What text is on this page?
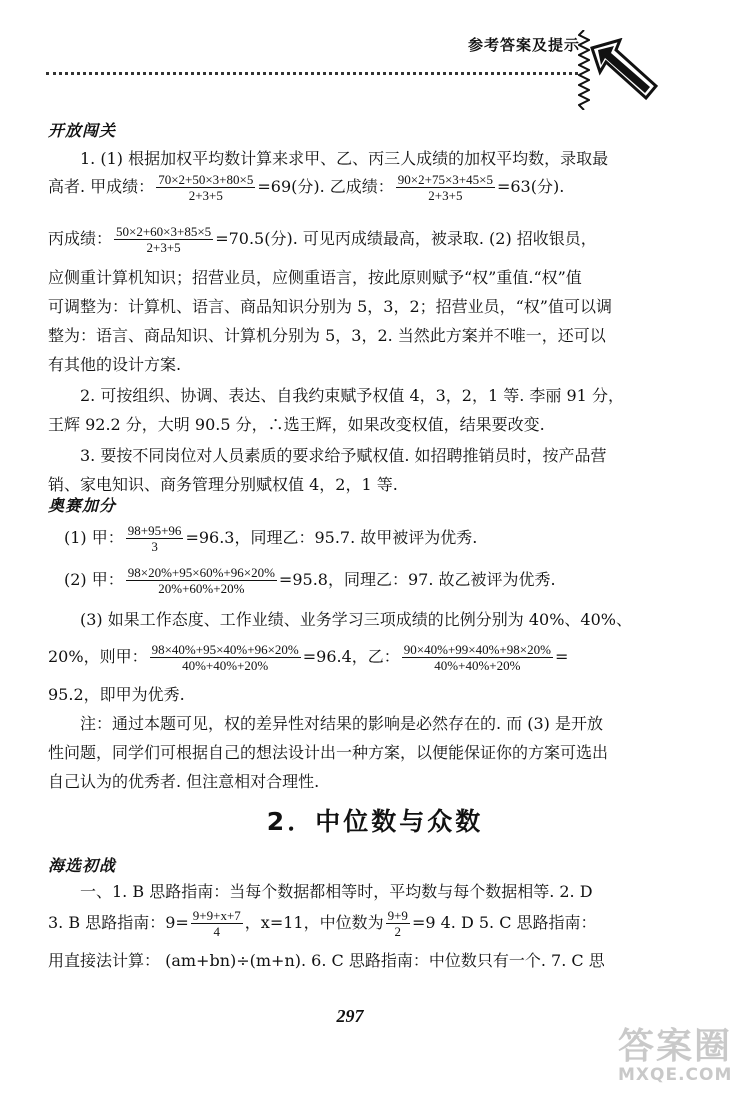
参考答案及提示
开放闯关
1. (1) 根据加权平均数计算来求甲、乙、丙三人成绩的加权平均数，录取最
高者. 甲成绩： $\frac{70\times 2+50\times 3+80\times 5}{2+3+5} =69$(分). 乙成绩： $\frac{90\times 2+75\times 3+45\times 5}{2+3+5} =63$(分).
丙成绩： $\frac{50\times 2+60\times 3+85\times 5}{2+3+5} =70.5$(分). 可见丙成绩最高，被录取. (2) 招收银员，
应侧重计算机知识；招营业员，应侧重语言，按此原则赋予“权”重值.“权”值
可调整为：计算机、语言、商品知识分别为 5，3，2；招营业员，“权”值可以调
整为：语言、商品知识、计算机分别为 5，3，2. 当然此方案并不唯一，还可以
有其他的设计方案.
2. 可按组织、协调、表达、自我约束赋予权值 4，3，2，1 等. 李丽 91 分，
王辉 92.2 分，大明 90.5 分，∴选王辉，如果改变权值，结果要改变.
3. 要按不同岗位对人员素质的要求给予赋权值. 如招聘推销员时，按产品营
销、家电知识、商务管理分别赋权值 4，2，1 等.
奥赛加分
(1) 甲： $\frac{98+95+96}{3} =96.3$，同理乙：95.7. 故甲被评为优秀.
(2) 甲： $\frac{98\times 20\%+95\times 60\%+96\times 20\%}{20\%+60\%+20\%} =95.8$，同理乙：97. 故乙被评为优秀.
(3) 如果工作态度、工作业绩、业务学习三项成绩的比例分别为 40%、40%、
20%，则甲： $\frac{98\times 40\%+95\times 40\%+96\times 20\%}{40\%+40\%+20\%} =96.4$，乙： $\frac{90\times 40\%+99\times 40\%+98\times 20\%}{40\%+40\%+20\%}$ =
95.2，即甲为优秀.
注：通过本题可见，权的差异性对结果的影响是必然存在的. 而 (3) 是开放
性问题，同学们可根据自己的想法设计出一种方案，以便能保证你的方案可选出
自己认为的优秀者. 但注意相对合理性.
2．中位数与众数
海选初战
一、1. B 思路指南：当每个数据都相等时，平均数与每个数据相等. 2. D
3. B 思路指南：$9= \frac{9+9+x+7}{4}$ ，x=11，中位数为 $\frac{9+9}{2} =9$ 4. D 5. C 思路指南：
用直接法计算： (am+bn)÷(m+n). 6. C 思路指南：中位数只有一个. 7. C 思
297
答案圈
MXQE.COM
